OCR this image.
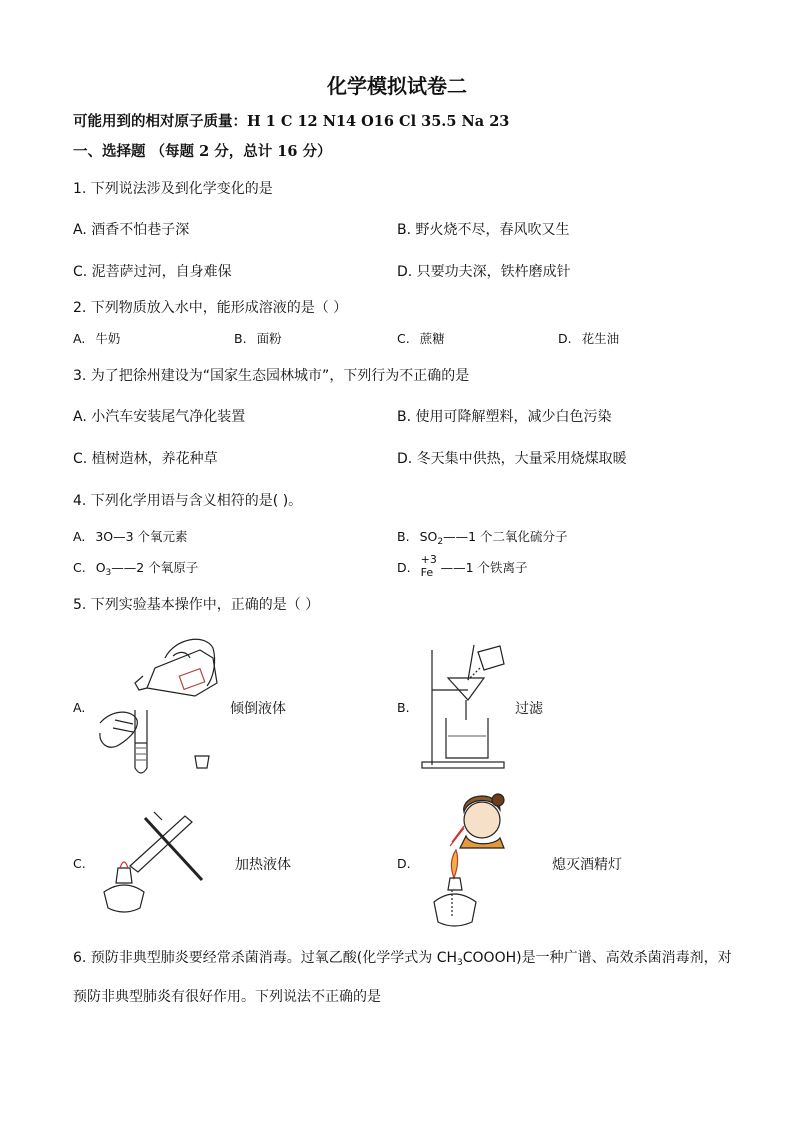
化学模拟试卷二
可能用到的相对原子质量：H 1 C 12 N14 O16 Cl 35.5 Na 23
一、选择题 （每题 2 分，总计 16 分）
1. 下列说法涉及到化学变化的是
A. 酒香不怕巷子深	B. 野火烧不尽，春风吹又生
C. 泥菩萨过河，自身难保	D. 只要功夫深，铁杵磨成针
2. 下列物质放入水中，能形成溶液的是（ ）
A. 牛奶	B. 面粉	C. 蔗糖	D. 花生油
3. 为了把徐州建设为“国家生态园林城市”，下列行为不正确的是
A. 小汽车安装尾气净化装置	B. 使用可降解塑料，减少白色污染
C. 植树造林，养花种草	D. 冬天集中供热，大量采用烧煤取暖
4. 下列化学用语与含义相符的是( )。
A. 3O—3 个氧元素	B. $SO_2——1$ 个二氧化硫分子
C. $O_3——2$ 个氧原子	D.
+3
Fe ——1 个铁离子
5. 下列实验基本操作中，正确的是（ ）
A.	倾倒液体	B.	过滤
C.	加热液体	D.	熄灭酒精灯
6. 预防非典型肺炎要经常杀菌消毒。过氧乙酸(化学学式为 $CH_3COOOH$)是一种广谱、高效杀菌消毒剂，对
预防非典型肺炎有很好作用。下列说法不正确的是
